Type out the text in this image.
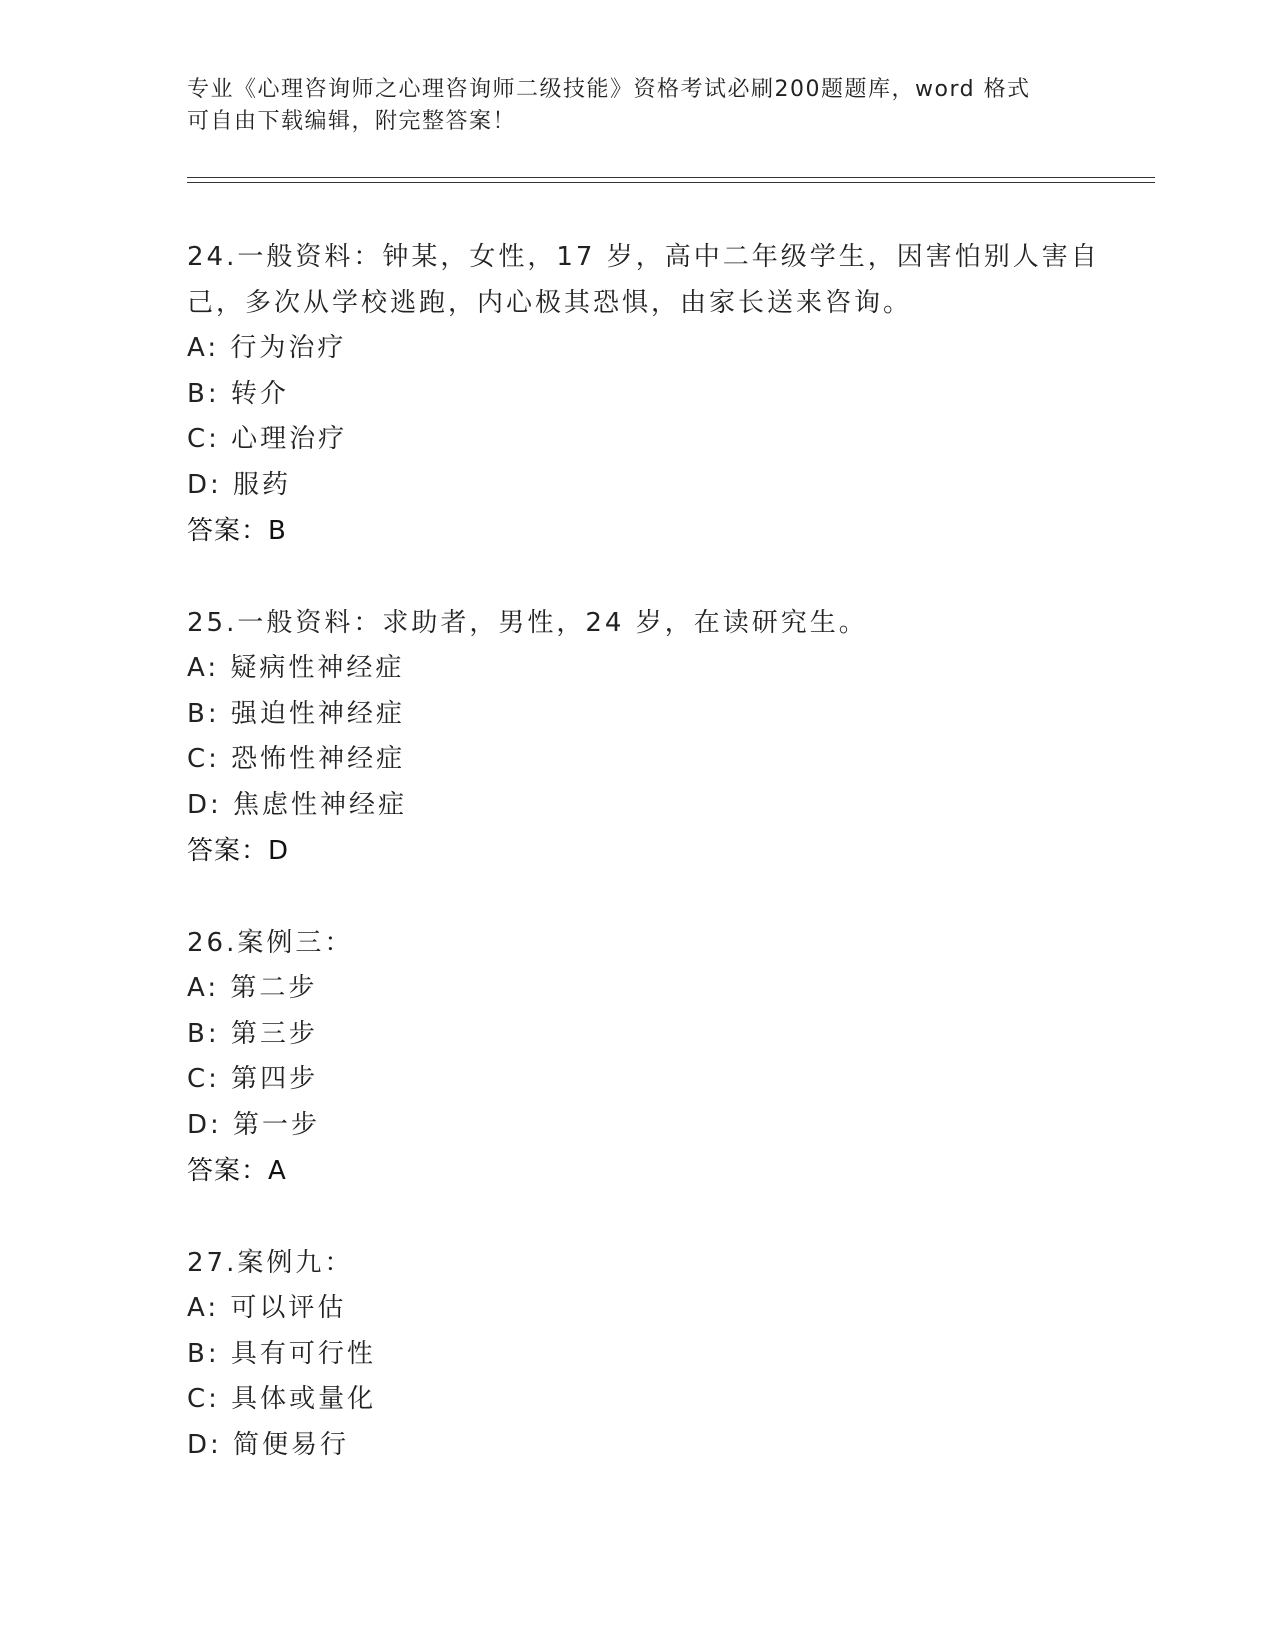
专业《心理咨询师之心理咨询师二级技能》资格考试必刷200题题库，word 格式
可自由下载编辑，附完整答案！
24.一般资料：钟某，女性，17 岁，高中二年级学生，因害怕别人害自
己，多次从学校逃跑，内心极其恐惧，由家长送来咨询。
A: 行为治疗
B: 转介
C: 心理治疗
D: 服药
答案：B
25.一般资料：求助者，男性，24 岁，在读研究生。
A: 疑病性神经症
B: 强迫性神经症
C: 恐怖性神经症
D: 焦虑性神经症
答案：D
26.案例三：
A: 第二步
B: 第三步
C: 第四步
D: 第一步
答案：A
27.案例九：
A: 可以评估
B: 具有可行性
C: 具体或量化
D: 简便易行
